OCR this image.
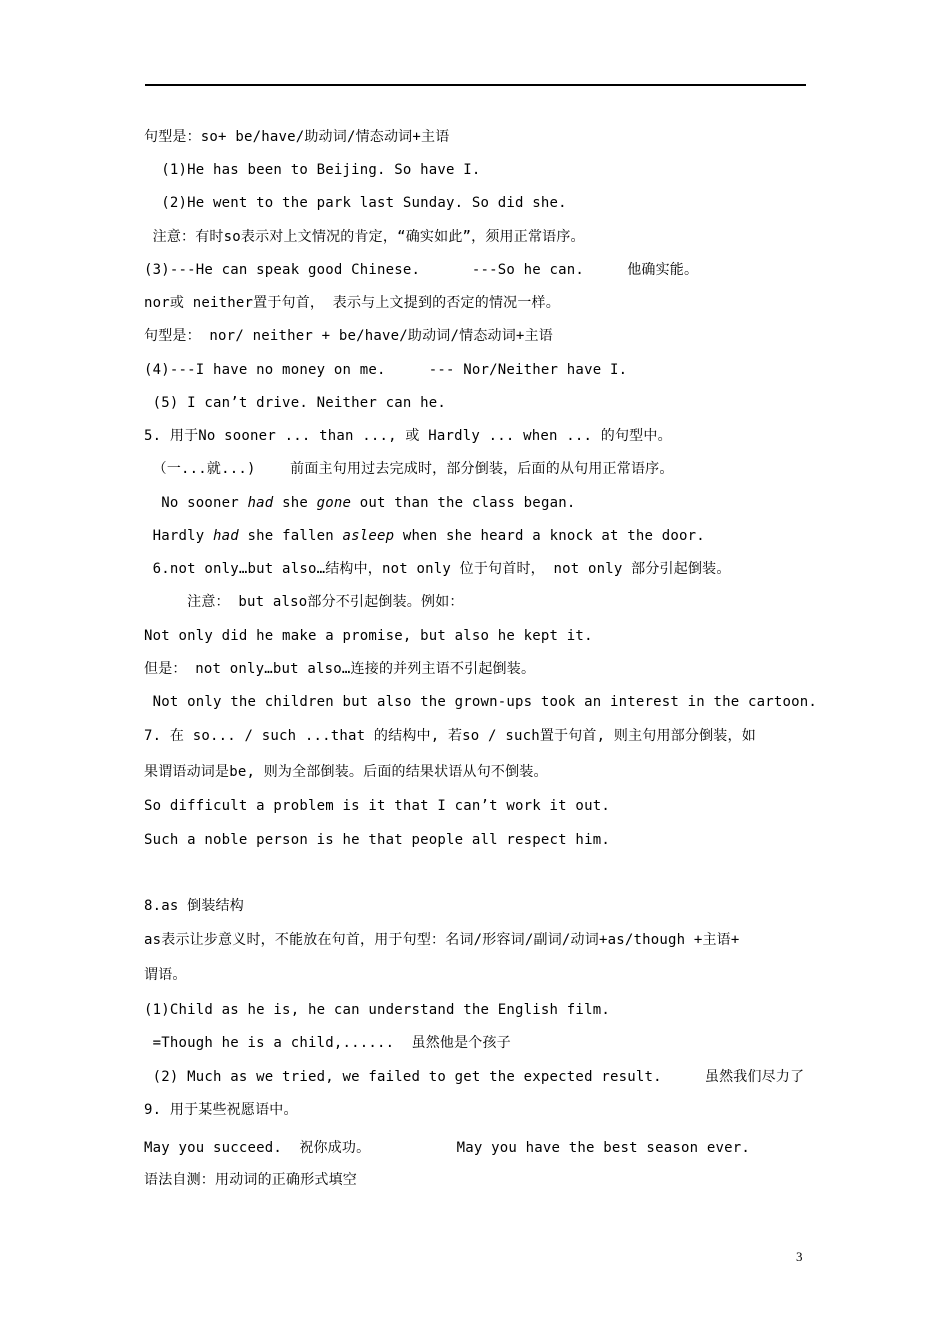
句型是：so+ be/have/助动词/情态动词+主语
(1)He has been to Beijing. So have I.
(2)He went to the park last Sunday. So did she.
注意：有时so表示对上文情况的肯定，“确实如此”，须用正常语序。
(3)---He can speak good Chinese.      ---So he can.     他确实能。
nor或 neither置于句首， 表示与上文提到的否定的情况一样。
句型是： nor/ neither + be/have/助动词/情态动词+主语
(4)---I have no money on me.     --- Nor/Neither have I.
(5) I can’t drive. Neither can he.
5. 用于No sooner ... than ..., 或 Hardly ... when ... 的句型中。
（一...就...)    前面主句用过去完成时，部分倒装，后面的从句用正常语序。
No sooner had she gone out than the class began.
Hardly had she fallen asleep when she heard a knock at the door.
6.not only…but also…结构中，not only 位于句首时， not only 部分引起倒装。
注意： but also部分不引起倒装。例如：
Not only did he make a promise, but also he kept it.
但是： not only…but also…连接的并列主语不引起倒装。
Not only the children but also the grown-ups took an interest in the cartoon.
7. 在 so... / such ...that 的结构中, 若so / such置于句首, 则主句用部分倒装，如
果谓语动词是be, 则为全部倒装。后面的结果状语从句不倒装。
So difficult a problem is it that I can’t work it out.
Such a noble person is he that people all respect him.
8.as 倒装结构
as表示让步意义时，不能放在句首，用于句型：名词/形容词/副词/动词+as/though +主语+
谓语。
(1)Child as he is, he can understand the English film.
=Though he is a child,......  虽然他是个孩子
(2) Much as we tried, we failed to get the expected result.     虽然我们尽力了
9. 用于某些祝愿语中。
May you succeed.  祝你成功。          May you have the best season ever.
语法自测：用动词的正确形式填空
3
